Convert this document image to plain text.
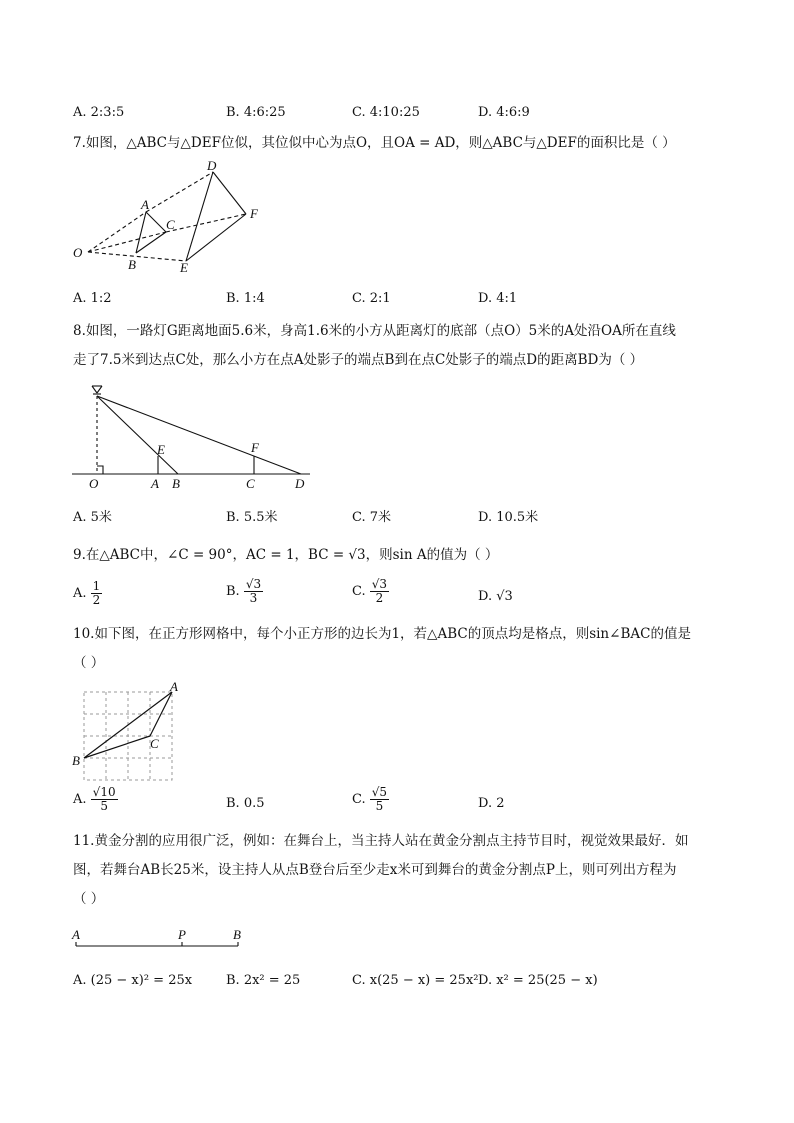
A. 2:3:5	B. 4:6:25	C. 4:10:25	D. 4:6:9
7.如图，△ABC与△DEF位似，其位似中心为点O，且OA = AD，则△ABC与△DEF的面积比是（ ）
D
A
C
F
O
B	E
A. 1:2	B. 1:4	C. 2:1	D. 4:1
8.如图，一路灯G距离地面5.6米，身高1.6米的小方从距离灯的底部（点O）5米的A处沿OA所在直线
走了7.5米到达点C处，那么小方在点A处影子的端点B到在点C处影子的端点D的距离BD为（ ）
E	F
O	A B	C	D
A. 5米	B. 5.5米	C. 7米	D. 10.5米
9.在△ABC中，∠C = 90°，AC = 1，BC = √3，则sin A的值为（ ）
A. $\frac{1}{2}$	B. $\frac{√3}{3}$	C. $\frac{√3}{2}$	D. √3
10.如下图，在正方形网格中，每个小正方形的边长为1，若△ABC的顶点均是格点，则sin∠BAC的值是
（ ）
A
C
B
A. $\frac{√10}{5}$	B. 0.5	C. $\frac{√5}{5}$	D. 2
11.黄金分割的应用很广泛，例如：在舞台上，当主持人站在黄金分割点主持节目时，视觉效果最好．如
图，若舞台AB长25米，设主持人从点B登台后至少走x米可到舞台的黄金分割点P上，则可列出方程为
（ ）
A	P	B
A. (25 − x)² = 25x	B. 2x² = 25	C. x(25 − x) = 25x² D. x² = 25(25 − x)
